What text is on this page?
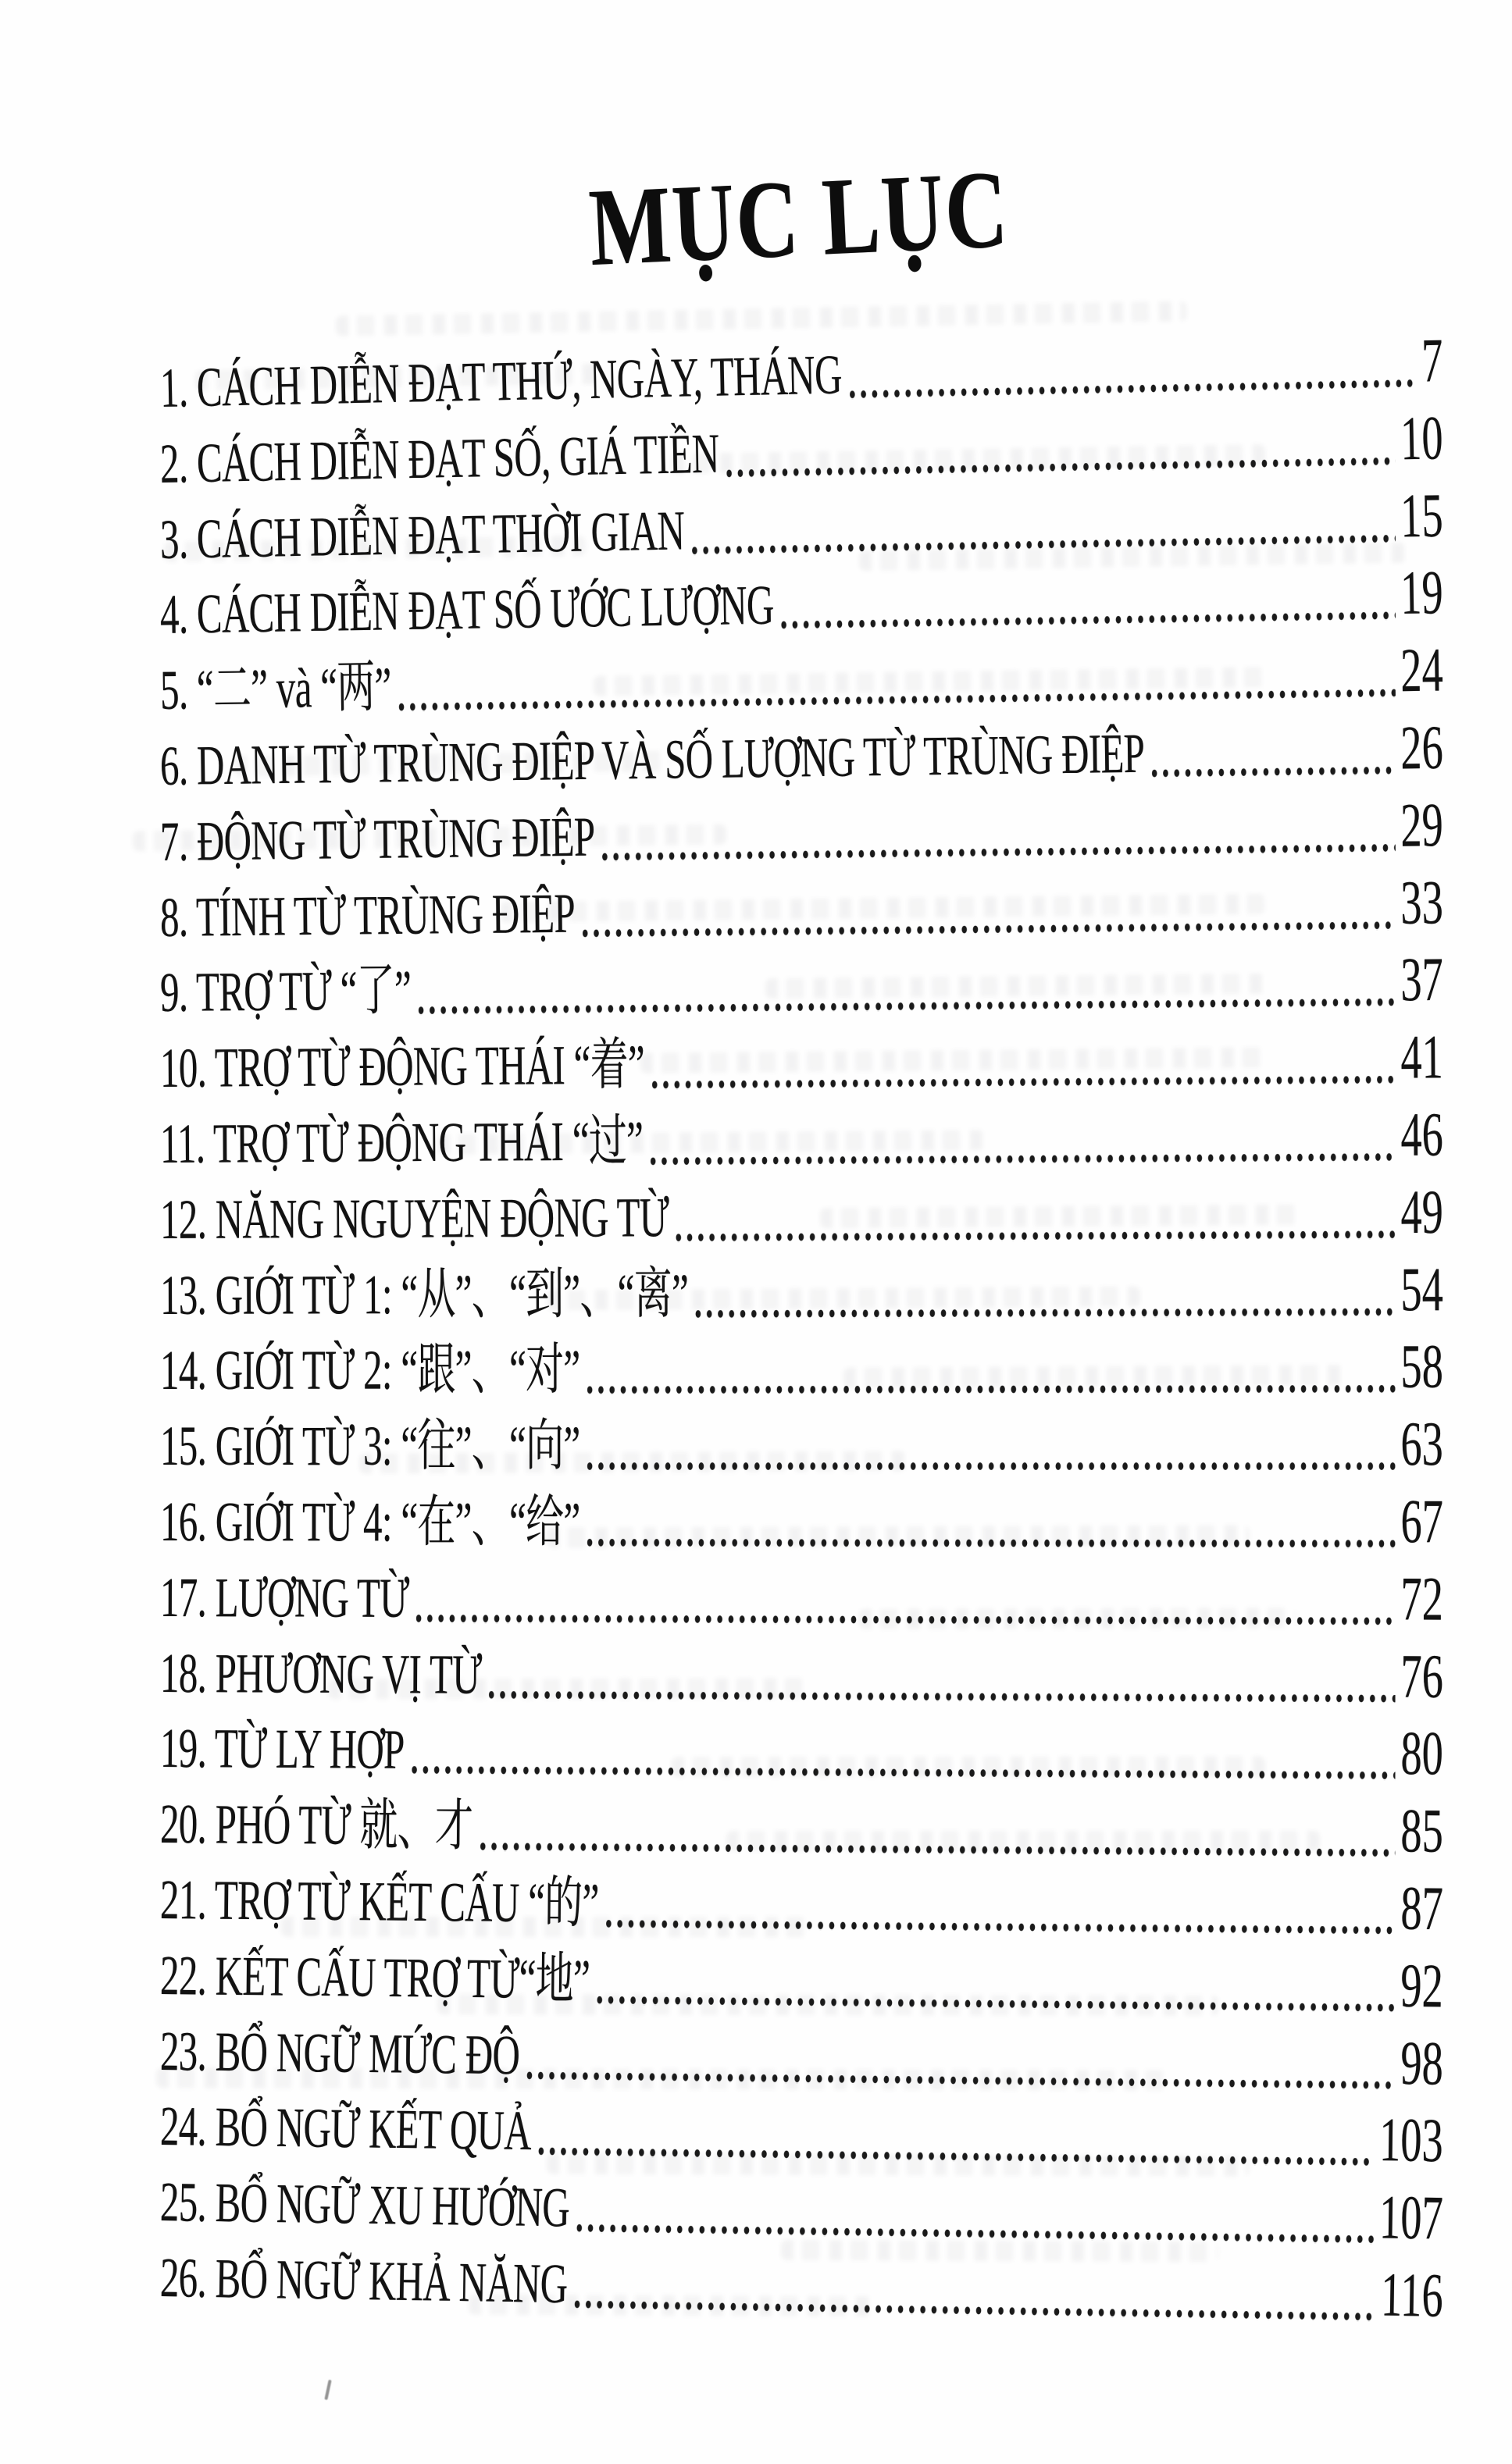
MỤC LỤC
1. CÁCH DIỄN ĐẠT THỨ, NGÀY, THÁNG	7
2. CÁCH DIỄN ĐẠT SỐ, GIÁ TIỀN	10
3. CÁCH DIỄN ĐẠT THỜI GIAN	15
4. CÁCH DIỄN ĐẠT SỐ ƯỚC LƯỢNG	19
5. “二” và “两”	24
6. DANH TỪ TRÙNG ĐIỆP VÀ SỐ LƯỢNG TỪ TRÙNG ĐIỆP	26
7. ĐỘNG TỪ TRÙNG ĐIỆP	29
8. TÍNH TỪ TRÙNG ĐIỆP	33
9. TRỢ TỪ “了”	37
10. TRỢ TỪ ĐỘNG THÁI “着”	41
11. TRỢ TỪ ĐỘNG THÁI “过”	46
12. NĂNG NGUYỆN ĐỘNG TỪ	49
13. GIỚI TỪ 1: “从”、“到”、“离”	54
14. GIỚI TỪ 2: “跟”、“对”	58
15. GIỚI TỪ 3: “往”、“向”	63
16. GIỚI TỪ 4: “在”、“给”	67
17. LƯỢNG TỪ	72
18. PHƯƠNG VỊ TỪ	76
19. TỪ LY HỢP	80
20. PHÓ TỪ 就、才	85
21. TRỢ TỪ KẾT CẤU “的”	87
22. KẾT CẤU TRỢ TỪ“地”	92
23. BỔ NGỮ MỨC ĐỘ	98
24. BỔ NGỮ KẾT QUẢ	103
25. BỔ NGỮ XU HƯỚNG	107
26. BỔ NGỮ KHẢ NĂNG	116
